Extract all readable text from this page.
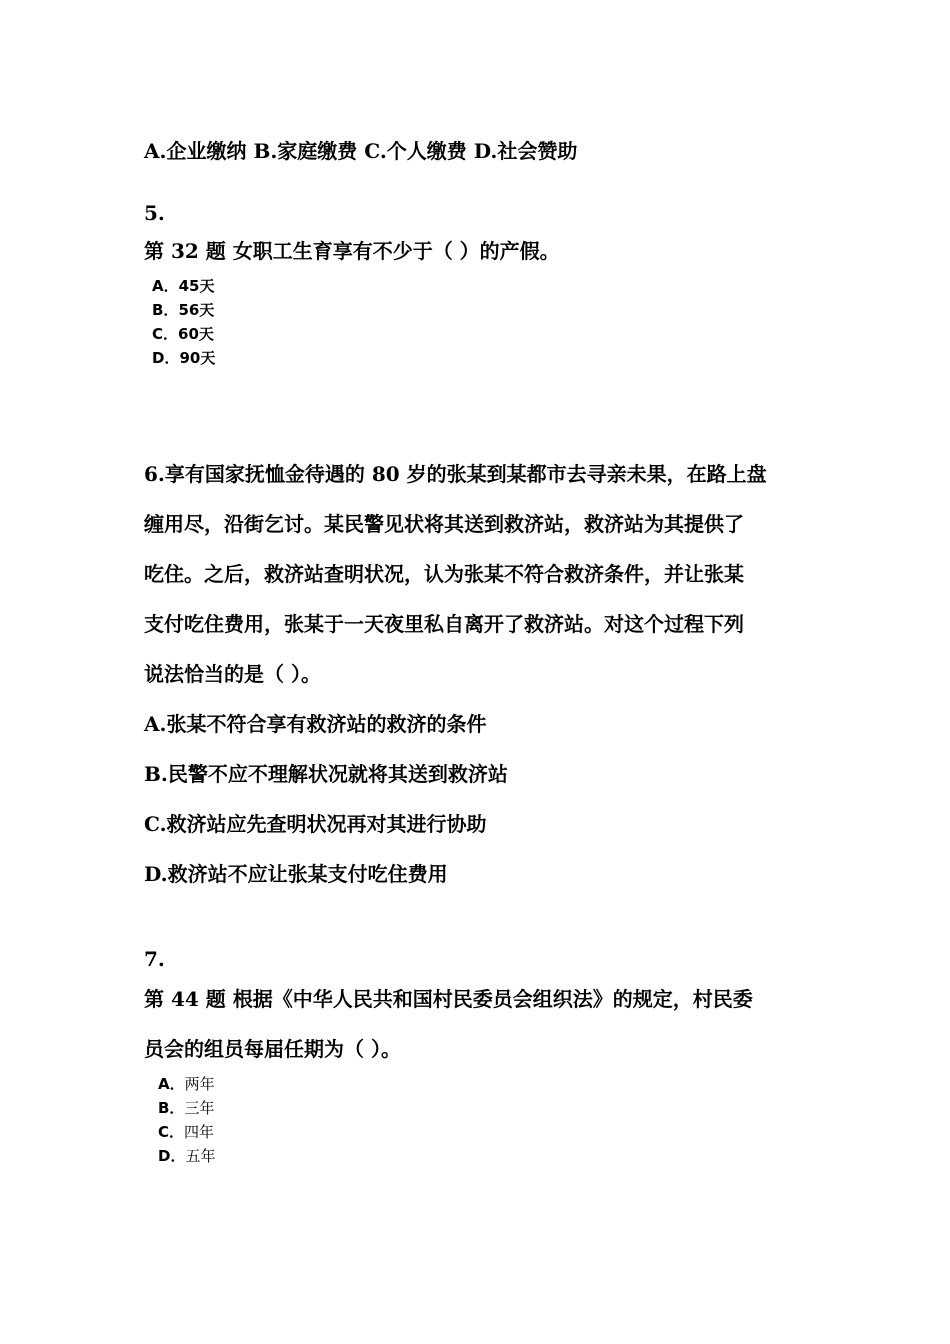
A.企业缴纳 B.家庭缴费 C.个人缴费 D.社会赞助

5.

第 32 题 女职工生育享有不少于（ ）的产假。

A．45天
B．56天
C．60天
D．90天

6.享有国家抚恤金待遇的 80 岁的张某到某都市去寻亲未果，在路上盘

缠用尽，沿街乞讨。某民警见状将其送到救济站，救济站为其提供了

吃住。之后，救济站查明状况，认为张某不符合救济条件，并让张某

支付吃住费用，张某于一天夜里私自离开了救济站。对这个过程下列

说法恰当的是（ ）。

A.张某不符合享有救济站的救济的条件

B.民警不应不理解状况就将其送到救济站

C.救济站应先查明状况再对其进行协助

D.救济站不应让张某支付吃住费用

7.

第 44 题 根据《中华人民共和国村民委员会组织法》的规定，村民委

员会的组员每届任期为（ ）。

A．两年
B．三年
C．四年
D．五年
